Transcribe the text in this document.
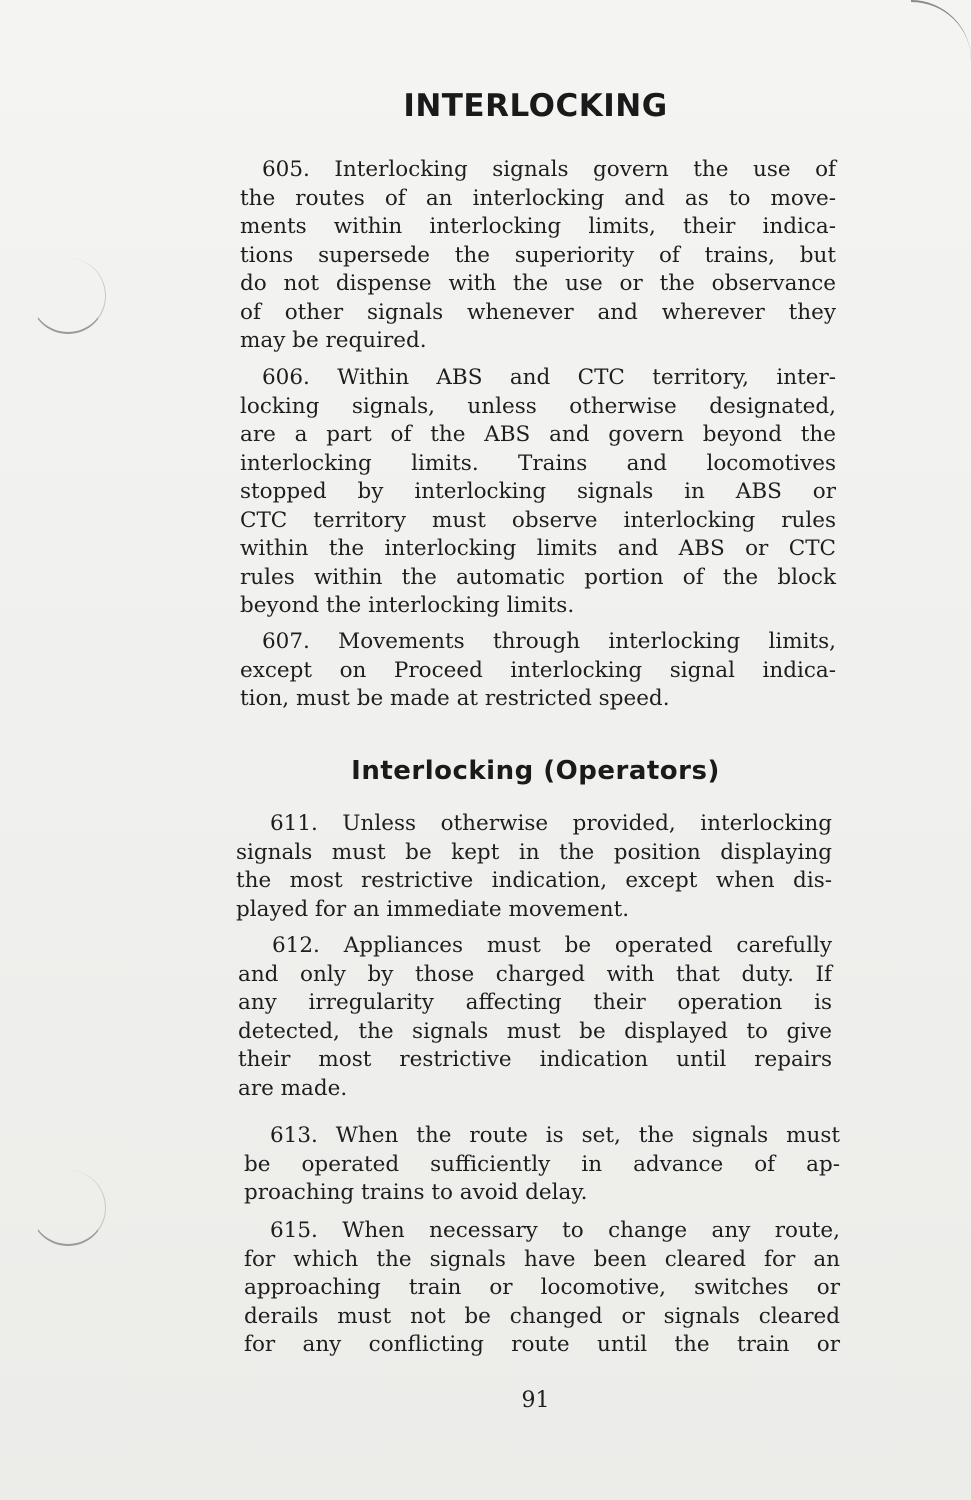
INTERLOCKING
605. Interlocking signals govern the use of
the routes of an interlocking and as to move-
ments within interlocking limits, their indica-
tions supersede the superiority of trains, but
do not dispense with the use or the observance
of other signals whenever and wherever they
may be required.
606. Within ABS and CTC territory, inter-
locking signals, unless otherwise designated,
are a part of the ABS and govern beyond the
interlocking limits. Trains and locomotives
stopped by interlocking signals in ABS or
CTC territory must observe interlocking rules
within the interlocking limits and ABS or CTC
rules within the automatic portion of the block
beyond the interlocking limits.
607. Movements through interlocking limits,
except on Proceed interlocking signal indica-
tion, must be made at restricted speed.
Interlocking (Operators)
611. Unless otherwise provided, interlocking
signals must be kept in the position displaying
the most restrictive indication, except when dis-
played for an immediate movement.
612. Appliances must be operated carefully
and only by those charged with that duty. If
any irregularity affecting their operation is
detected, the signals must be displayed to give
their most restrictive indication until repairs
are made.
613. When the route is set, the signals must
be operated sufficiently in advance of ap-
proaching trains to avoid delay.
615. When necessary to change any route,
for which the signals have been cleared for an
approaching train or locomotive, switches or
derails must not be changed or signals cleared
for any conflicting route until the train or
91
